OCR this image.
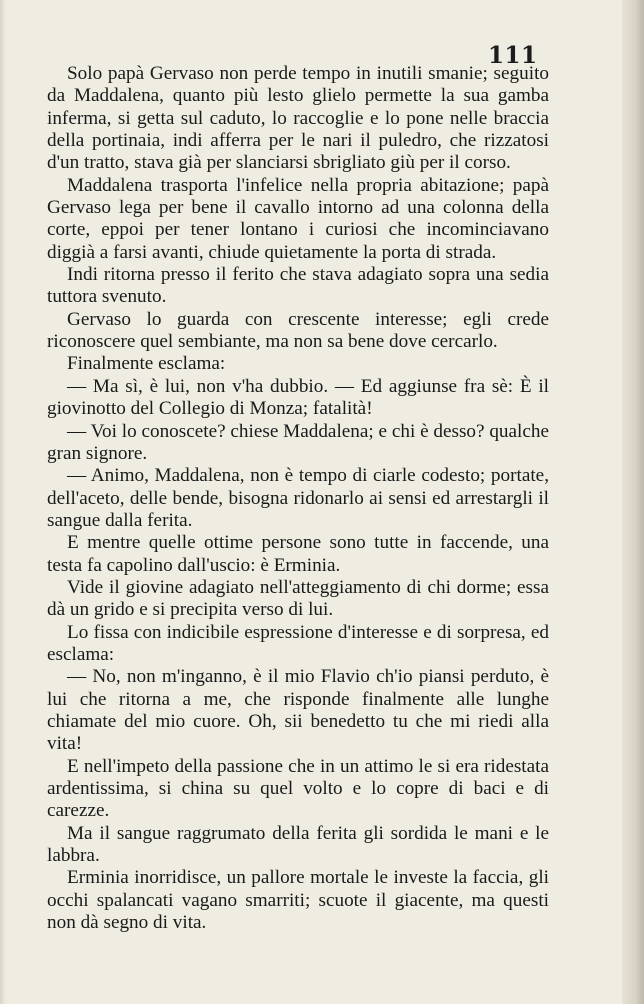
111

Solo papà Gervaso non perde tempo in inutili smanie; seguito da Maddalena, quanto più lesto glielo permette la sua gamba inferma, si getta sul caduto, lo raccoglie e lo pone nelle braccia della portinaia, indi afferra per le nari il puledro, che rizzatosi d'un tratto, stava già per slanciarsi sbrigliato giù per il corso.

Maddalena trasporta l'infelice nella propria abitazione; papà Gervaso lega per bene il cavallo intorno ad una colonna della corte, eppoi per tener lontano i curiosi che incominciavano diggià a farsi avanti, chiude quietamente la porta di strada.

Indi ritorna presso il ferito che stava adagiato sopra una sedia tuttora svenuto.

Gervaso lo guarda con crescente interesse; egli crede riconoscere quel sembiante, ma non sa bene dove cercarlo.

Finalmente esclama:

— Ma sì, è lui, non v'ha dubbio. — Ed aggiunse fra sè: È il giovinotto del Collegio di Monza; fatalità!

— Voi lo conoscete? chiese Maddalena; e chi è desso? qualche gran signore.

— Animo, Maddalena, non è tempo di ciarle codesto; portate, dell'aceto, delle bende, bisogna ridonarlo ai sensi ed arrestargli il sangue dalla ferita.

E mentre quelle ottime persone sono tutte in faccende, una testa fa capolino dall'uscio: è Erminia.

Vide il giovine adagiato nell'atteggiamento di chi dorme; essa dà un grido e si precipita verso di lui.

Lo fissa con indicibile espressione d'interesse e di sorpresa, ed esclama:

— No, non m'inganno, è il mio Flavio ch'io piansi perduto, è lui che ritorna a me, che risponde finalmente alle lunghe chiamate del mio cuore. Oh, sii benedetto tu che mi riedi alla vita!

E nell'impeto della passione che in un attimo le si era ridestata ardentissima, si china su quel volto e lo copre di baci e di carezze.

Ma il sangue raggrumato della ferita gli sordida le mani e le labbra.

Erminia inorridisce, un pallore mortale le investe la faccia, gli occhi spalancati vagano smarriti; scuote il giacente, ma questi non dà segno di vita.
